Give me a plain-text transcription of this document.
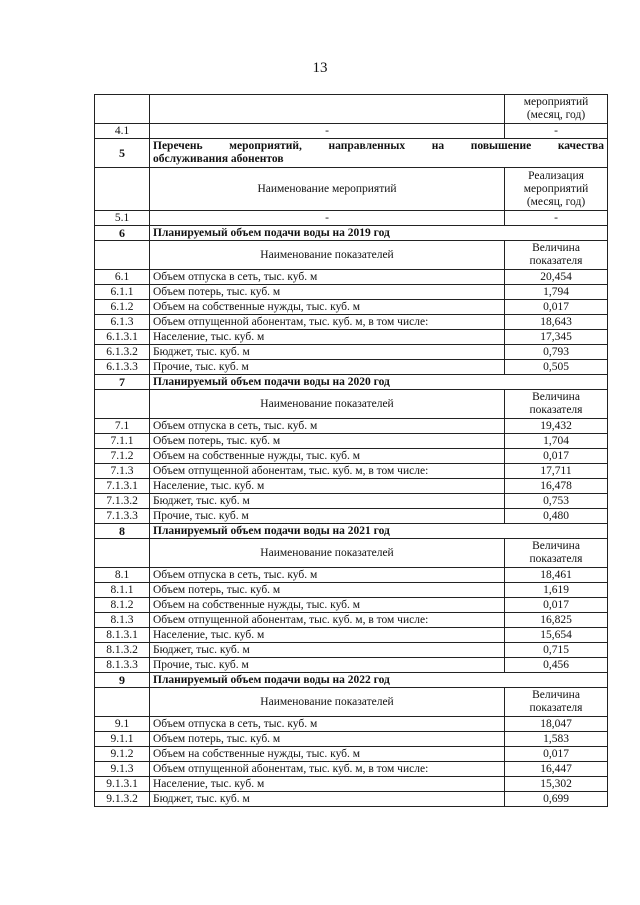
13
		мероприятий (месяц, год)
4.1	-	-
5	Перечень мероприятий, направленных на повышение качества
обслуживания абонентов	

	Наименование мероприятий	Реализация мероприятий (месяц, год)
5.1	-	-
6	Планируемый объем подачи воды на 2019 год	
	Наименование показателей	Величина показателя
6.1	Объем отпуска в сеть, тыс. куб. м	20,454
6.1.1	Объем потерь, тыс. куб. м	1,794
6.1.2	Объем на собственные нужды, тыс. куб. м	0,017
6.1.3	Объем отпущенной абонентам, тыс. куб. м, в том числе:	18,643
6.1.3.1	Население, тыс. куб. м	17,345
6.1.3.2	Бюджет, тыс. куб. м	0,793
6.1.3.3	Прочие, тыс. куб. м	0,505
7	Планируемый объем подачи воды на 2020 год	
	Наименование показателей	Величина показателя
7.1	Объем отпуска в сеть, тыс. куб. м	19,432
7.1.1	Объем потерь, тыс. куб. м	1,704
7.1.2	Объем на собственные нужды, тыс. куб. м	0,017
7.1.3	Объем отпущенной абонентам, тыс. куб. м, в том числе:	17,711
7.1.3.1	Население, тыс. куб. м	16,478
7.1.3.2	Бюджет, тыс. куб. м	0,753
7.1.3.3	Прочие, тыс. куб. м	0,480
8	Планируемый объем подачи воды на 2021 год	
	Наименование показателей	Величина показателя
8.1	Объем отпуска в сеть, тыс. куб. м	18,461
8.1.1	Объем потерь, тыс. куб. м	1,619
8.1.2	Объем на собственные нужды, тыс. куб. м	0,017
8.1.3	Объем отпущенной абонентам, тыс. куб. м, в том числе:	16,825
8.1.3.1	Население, тыс. куб. м	15,654
8.1.3.2	Бюджет, тыс. куб. м	0,715
8.1.3.3	Прочие, тыс. куб. м	0,456
9	Планируемый объем подачи воды на 2022 год	
	Наименование показателей	Величина показателя
9.1	Объем отпуска в сеть, тыс. куб. м	18,047
9.1.1	Объем потерь, тыс. куб. м	1,583
9.1.2	Объем на собственные нужды, тыс. куб. м	0,017
9.1.3	Объем отпущенной абонентам, тыс. куб. м, в том числе:	16,447
9.1.3.1	Население, тыс. куб. м	15,302
9.1.3.2	Бюджет, тыс. куб. м	0,699
